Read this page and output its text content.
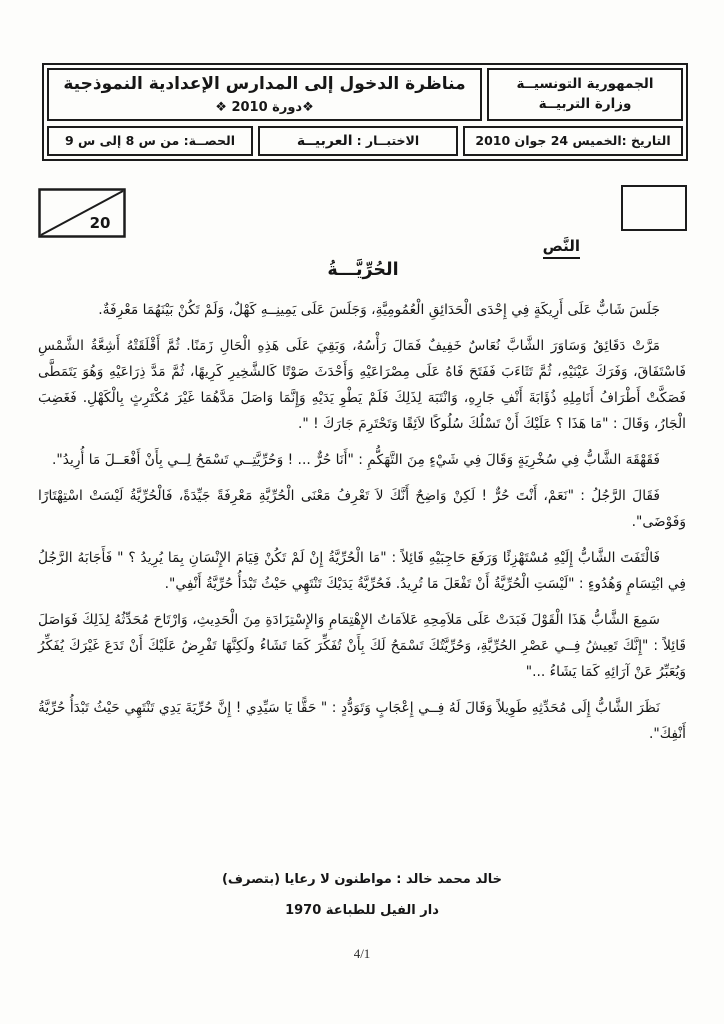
الجمهورية التونسيــة
وزارة التربيــة
مناظرة الدخول إلى المدارس الإعدادية النموذجية
❖دورة 2010 ❖
التاريخ :الخميس 24 جوان 2010
الاختبــار :
العربيــة
الحصــة: من س 8 إلى س 9
20
النَّص
الحُرِّيَّـــةُ

جَلَسَ شَابٌّ عَلَى أَرِيكَةٍ فِي إِحْدَى الْحَدَائِقِ الْعُمُومِيَّةِ، وَجَلَسَ عَلَى يَمِينِــهِ كَهْلٌ، وَلَمْ تَكُنْ بَيْنَهُمَا مَعْرِفَةٌ.

مَرَّتْ دَقَائِقُ وَسَاوَرَ الشَّابَّ نُعَاسٌ خَفِيفٌ فَمَالَ رَأْسُهُ، وَبَقِيَ عَلَى هَذِهِ الْحَالِ زَمَنًا. ثُمَّ أَقْلَقَتْهُ أَشِعَّةُ الشَّمْسِ فَاسْتَفَاقَ، وَفَرَكَ عَيْنَيْهِ، ثُمَّ تَثَاءَبَ فَفَتَحَ فَاهُ عَلَى مِصْرَاعَيْهِ وَأَحْدَثَ صَوْتًا كَالشَّخِيرِ كَرِيهًا، ثُمَّ مَدَّ ذِرَاعَيْهِ وَهُوَ يَتَمَطَّى فَصَكَّتْ أَطْرَافُ أَنَامِلِهِ ذُؤَابَةَ أَنْفِ جَارِهِ، وَانْتَبَهَ لِذَلِكَ فَلَمْ يَطْوِ يَدَيْهِ وَإِنَّمَا وَاصَلَ مَدَّهُمَا غَيْرَ مُكْتَرِثٍ بِالْكَهْلِ. فَغَضِبَ الْجَارُ، وَقَالَ : "مَا هَذَا ؟ عَلَيْكَ أَنْ تَسْلُكَ سُلُوكًا لاَئِقًا وَتَحْتَرِمَ جَارَكَ ! ".

فَقَهْقَهَ الشَّابُّ فِي سُخْرِيَةٍ وَقَالَ فِي شَيْءٍ مِنَ التَّهَكُّمِ : "أَنَا حُرٌّ ... ! وَحُرِّيَّتِــي تَسْمَحُ لِــي بِأَنْ أَفْعَــلَ مَا أُرِيدُ".

فَقَالَ الرَّجُلُ : "نَعَمْ، أَنْتَ حُرٌّ ! لَكِنْ وَاضِحٌ أَنَّكَ لاَ تَعْرِفُ مَعْنَى الْحُرِّيَّةِ مَعْرِفَةً جَيِّدَةً، فَالْحُرِّيَّةُ لَيْسَتْ اسْتِهْتَارًا وَفَوْضَى".

فَالْتَفَتَ الشَّابُّ إِلَيْهِ مُسْتَهْزِئًا وَرَفَعَ حَاجِبَيْهِ قَائِلاً : "مَا الْحُرِّيَّةُ إِنْ لَمْ تَكُنْ قِيَامَ الإِنْسَانِ بِمَا يُرِيدُ ؟ " فَأَجَابَهُ الرَّجُلُ فِي ابْتِسَامٍ وَهُدُوءٍ : "لَيْسَتِ الْحُرِّيَّةُ أَنْ تَفْعَلَ مَا تُرِيدُ. فَحُرِّيَّةُ يَدَيْكَ تَنْتَهِي حَيْثُ تَبْدَأُ حُرِّيَّةُ أَنْفِي".

سَمِعَ الشَّابُّ هَذَا الْقَوْلَ فَبَدَتْ عَلَى مَلاَمِحِهِ عَلاَمَاتُ الإِهْتِمَامِ وَالإِسْتِزَادَةِ مِنَ الْحَدِيثِ، وَارْتَاحَ مُحَدِّثُهُ لِذَلِكَ فَوَاصَلَ قَائِلاً : "إِنَّكَ تَعِيشُ فِــي عَصْرِ الحُرِّيَّةِ، وَحُرِّيَّتُكَ تَسْمَحُ لَكَ بِأَنْ تُفَكِّرَ كَمَا تَشَاءُ ولَكِنَّهَا تَفْرِضُ عَلَيْكَ أَنْ تَدَعَ غَيْرَكَ يُفَكِّرُ وَيُعَبِّرُ عَنْ آرَائِهِ كَمَا يَشَاءُ ..."

نَظَرَ الشَّابُّ إِلَى مُحَدِّثِهِ طَوِيلاً وَقَالَ لَهُ فِــي إِعْجَابٍ وَتَوَدُّدٍ : " حَقًّا يَا سَيِّدِي ! إِنَّ حُرِّيَةَ يَدِي تَنْتَهِي حَيْثُ تَبْدَأُ حُرِّيَّةُ أَنْفِكَ".

خالد محمد خالد : مواطنون لا رعايا (بتصرف)
دار الفيل للطباعة 1970
4/1
